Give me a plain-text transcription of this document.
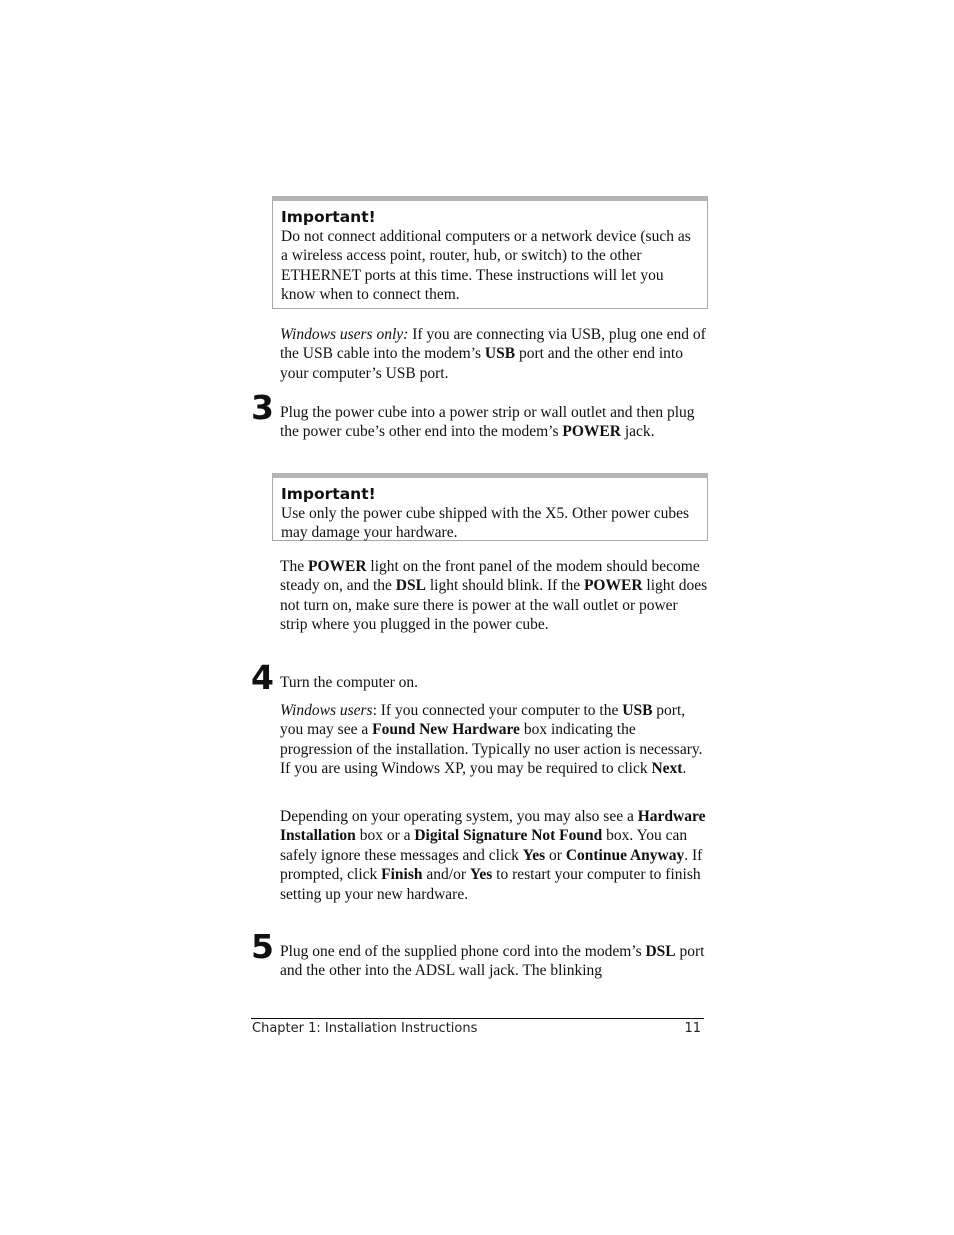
Important!
Do not connect additional computers or a network device (such as a wireless access point, router, hub, or switch) to the other ETHERNET ports at this time. These instructions will let you know when to connect them.
Windows users only: If you are connecting via USB, plug one end of the USB cable into the modem’s USB port and the other end into your computer’s USB port.
3 Plug the power cube into a power strip or wall outlet and then plug the power cube’s other end into the modem’s POWER jack.
Important!
Use only the power cube shipped with the X5. Other power cubes may damage your hardware.
The POWER light on the front panel of the modem should become steady on, and the DSL light should blink. If the POWER light does not turn on, make sure there is power at the wall outlet or power strip where you plugged in the power cube.
4 Turn the computer on.
Windows users: If you connected your computer to the USB port, you may see a Found New Hardware box indicating the progression of the installation. Typically no user action is necessary. If you are using Windows XP, you may be required to click Next.
Depending on your operating system, you may also see a Hardware Installation box or a Digital Signature Not Found box. You can safely ignore these messages and click Yes or Continue Anyway. If prompted, click Finish and/or Yes to restart your computer to finish setting up your new hardware.
5 Plug one end of the supplied phone cord into the modem’s DSL port and the other into the ADSL wall jack. The blinking
Chapter 1: Installation Instructions	11
